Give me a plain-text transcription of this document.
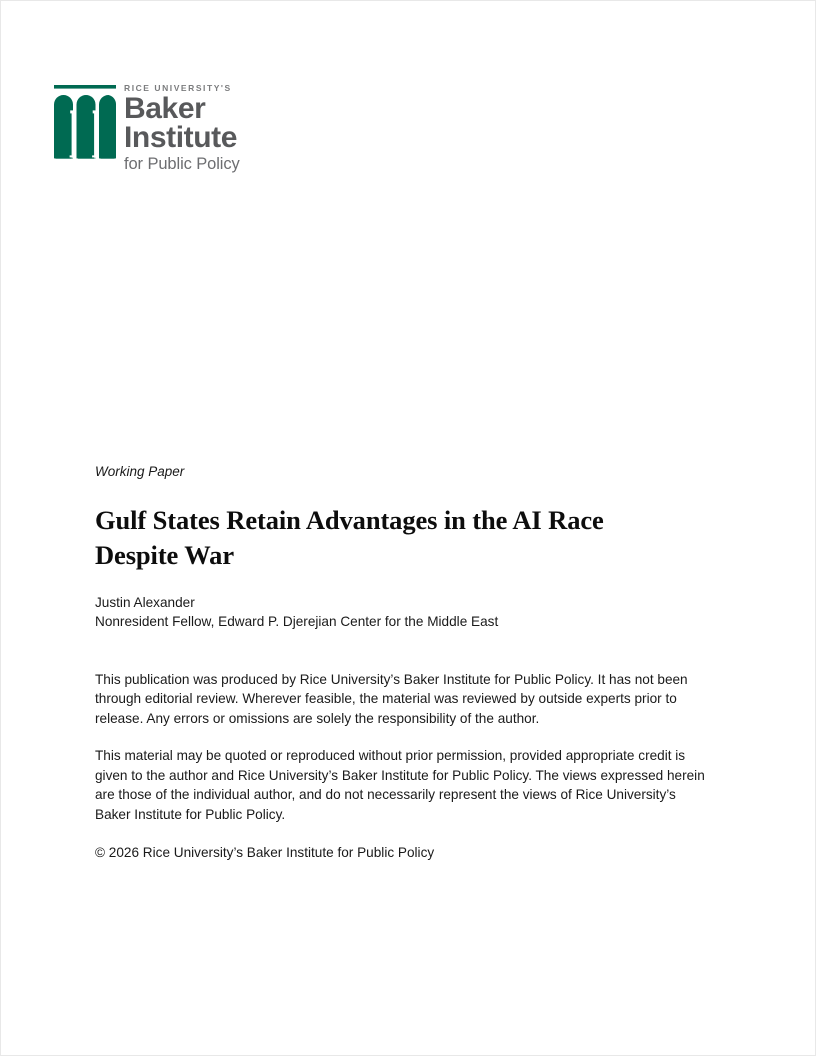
RICE UNIVERSITY'S
Baker
Institute
for Public Policy
Working Paper
Gulf States Retain Advantages in the AI Race Despite War
Justin Alexander
Nonresident Fellow, Edward P. Djerejian Center for the Middle East

This publication was produced by Rice University’s Baker Institute for Public Policy. It has not been through editorial review. Wherever feasible, the material was reviewed by outside experts prior to release. Any errors or omissions are solely the responsibility of the author.

This material may be quoted or reproduced without prior permission, provided appropriate credit is given to the author and Rice University’s Baker Institute for Public Policy. The views expressed herein are those of the individual author, and do not necessarily represent the views of Rice University’s Baker Institute for Public Policy.

© 2026 Rice University’s Baker Institute for Public Policy
